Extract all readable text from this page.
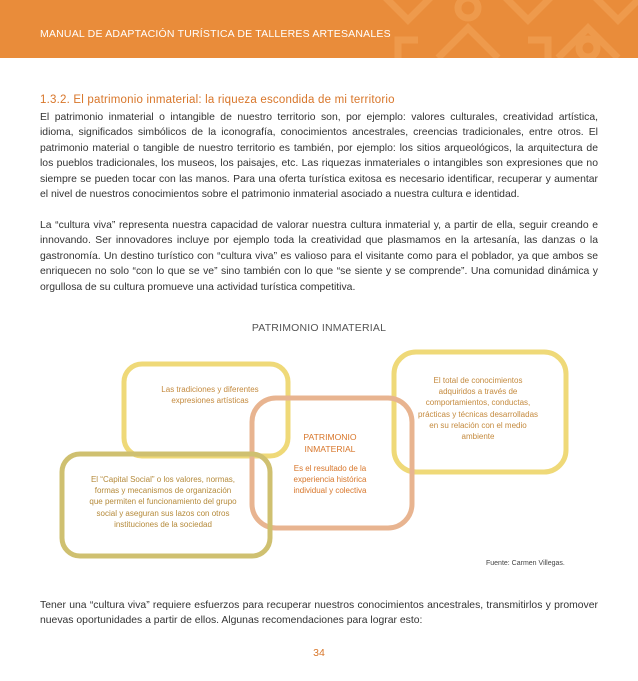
MANUAL DE ADAPTACIÓN TURÍSTICA DE TALLERES ARTESANALES
1.3.2. El patrimonio inmaterial: la riqueza escondida de mi territorio

El patrimonio inmaterial o intangible de nuestro territorio son, por ejemplo: valores culturales, creatividad artística, idioma, significados simbólicos de la iconografía, conocimientos ancestrales, creencias tradicionales, entre otros. El patrimonio material o tangible de nuestro territorio es también, por ejemplo: los sitios arqueológicos, la arquitectura de los pueblos tradicionales, los museos, los paisajes, etc. Las riquezas inmateriales o intangibles son expresiones que no siempre se pueden tocar con las manos. Para una oferta turística exitosa es necesario identificar, recuperar y aumentar el nivel de nuestros conocimientos sobre el patrimonio inmaterial asociado a nuestra cultura e identidad.

La “cultura viva” representa nuestra capacidad de valorar nuestra cultura inmaterial y, a partir de ella, seguir creando e innovando. Ser innovadores incluye por ejemplo toda la creatividad que plasmamos en la artesanía, las danzas o la gastronomía. Un destino turístico con “cultura viva” es valioso para el visitante como para el poblador, ya que ambos se enriquecen no solo “con lo que se ve” sino también con lo que “se siente y se comprende”. Una comunidad dinámica y orgullosa de su cultura promueve una actividad turística competitiva.

PATRIMONIO INMATERIAL
Las tradiciones y diferentes expresiones artísticas
El total de conocimientos adquiridos a través de comportamientos, conductas, prácticas y técnicas desarrolladas en su relación con el medio ambiente
El “Capital Social” o los valores, normas, formas y mecanismos de organización que permiten el funcionamiento del grupo social y aseguran sus lazos con otros instituciones de la sociedad
PATRIMONIO INMATERIAL
Es el resultado de la experiencia histórica individual y colectiva
Fuente: Carmen Villegas.

Tener una “cultura viva” requiere esfuerzos para recuperar nuestros conocimientos ancestrales, transmitirlos y promover nuevas oportunidades a partir de ellos. Algunas recomendaciones para lograr esto:

34
